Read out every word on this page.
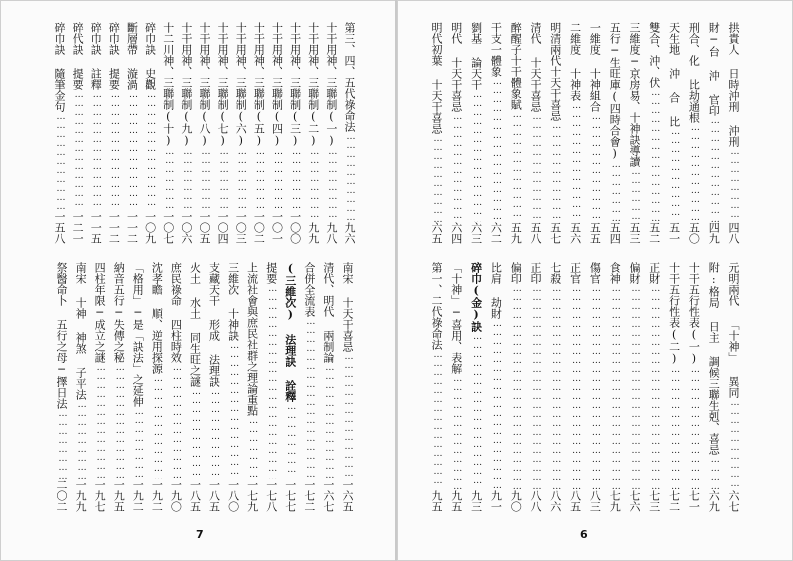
第三、四、五代祿命法
…………………………………………………………………………………………………………
九六
十干用神、三聯制(一)
…………………………………………………………………………………………………………
九八
十干用神、三聯制(二)
…………………………………………………………………………………………………………
九九
十干用神、三聯制(三)
…………………………………………………………………………………………………………
一〇〇
十干用神、三聯制(四)
…………………………………………………………………………………………………………
一〇一
十干用神、三聯制(五)
…………………………………………………………………………………………………………
一〇二
十干用神、三聯制(六)
…………………………………………………………………………………………………………
一〇三
十干用神、三聯制(七)
…………………………………………………………………………………………………………
一〇四
十干用神、三聯制(八)
…………………………………………………………………………………………………………
一〇五
十干用神、三聯制(九)
…………………………………………………………………………………………………………
一〇六
十二川神、三聯制(十)
…………………………………………………………………………………………………………
一〇七
碎巾訣 史觀
…………………………………………………………………………………………………………
一〇九
斷層帶 漩渦
…………………………………………………………………………………………………………
一一二
碎巾訣 提要
…………………………………………………………………………………………………………
一一二
碎巾訣 註釋
…………………………………………………………………………………………………………
一一五
碎代訣 提要
…………………………………………………………………………………………………………
一二一
碎巾訣 隨筆金句
…………………………………………………………………………………………………………
一五八
南宋 十天干喜忌
…………………………………………………………………………………………………………
一六五
清代、明代 兩制論
…………………………………………………………………………………………………………
一六七
合併全流表
…………………………………………………………………………………………………………
一七二
(三維次) 法理訣 詮釋
…………………………………………………………………………………………………………
一七七
提要
…………………………………………………………………………………………………………
一七八
上流社會與庶民社群之理論重點
…………………………………………………………………………………………………………
一七九
三維次 十神訣
…………………………………………………………………………………………………………
一八〇
支藏天干 形成 法理訣
…………………………………………………………………………………………………………
一八五
火土 水土 同生旺之謎
…………………………………………………………………………………………………………
一八五
庶民祿命 四柱時效
…………………………………………………………………………………………………………
一九〇
沈孝瞻 順、逆用探源
…………………………………………………………………………………………………………
一九二
「格用」─是「訣法」之延伸
…………………………………………………………………………………………………………
一九二
納音五行─失傳之秘
…………………………………………………………………………………………………………
一九五
四柱年限─成立之謎
…………………………………………………………………………………………………………
一九七
南宋 十神 神煞 子平法
…………………………………………………………………………………………………………
一九九
祭醫命卜 五行之母─擇日法
…………………………………………………………………………………………………………
二〇二
7
拱貴人 日時沖刑 沖刑
…………………………………………………………………………………………………………
四八
財─台 沖 官印
…………………………………………………………………………………………………………
四九
刑合、化 比劫通根
…………………………………………………………………………………………………………
五〇
天生地 沖 合 比
…………………………………………………………………………………………………………
五一
雙合、沖、伏
…………………………………………………………………………………………………………
五二
三維度─京房易、十神訣導讀
…………………………………………………………………………………………………………
五三
五行─生旺庫(四時合會)
…………………………………………………………………………………………………………
五四
一維度 十神組合
…………………………………………………………………………………………………………
五五
二維度 十神表
…………………………………………………………………………………………………………
五六
明清兩代十天干喜忌
…………………………………………………………………………………………………………
五七
清代 十天干喜忌
…………………………………………………………………………………………………………
五八
醉醒子十干體象賦
…………………………………………………………………………………………………………
五九
干支一體象
…………………………………………………………………………………………………………
六二
劉基 論天干
…………………………………………………………………………………………………………
六三
明代 十天干喜忌
…………………………………………………………………………………………………………
六四
明代初葉 十天干喜忌
…………………………………………………………………………………………………………
六五
元明兩代 「十神」 異同
…………………………………………………………………………………………………………
六七
附:格局 日主 調候三聯生剋、喜忌
…………………………………………………………………………………………………………
六九
十干五行性表(一)
…………………………………………………………………………………………………………
七一
十干五行性表(二)
…………………………………………………………………………………………………………
七二
正財
…………………………………………………………………………………………………………
七三
偏財
…………………………………………………………………………………………………………
七六
食神
…………………………………………………………………………………………………………
七九
傷官
…………………………………………………………………………………………………………
八三
正官
…………………………………………………………………………………………………………
八五
七殺
…………………………………………………………………………………………………………
八六
正印
…………………………………………………………………………………………………………
八八
偏印
…………………………………………………………………………………………………………
九〇
比肩 劫財
…………………………………………………………………………………………………………
九一
碎巾(金)訣
…………………………………………………………………………………………………………
九三
「十神」─喜用、表解
…………………………………………………………………………………………………………
九五
第一、二代祿命法
…………………………………………………………………………………………………………
九五
6
